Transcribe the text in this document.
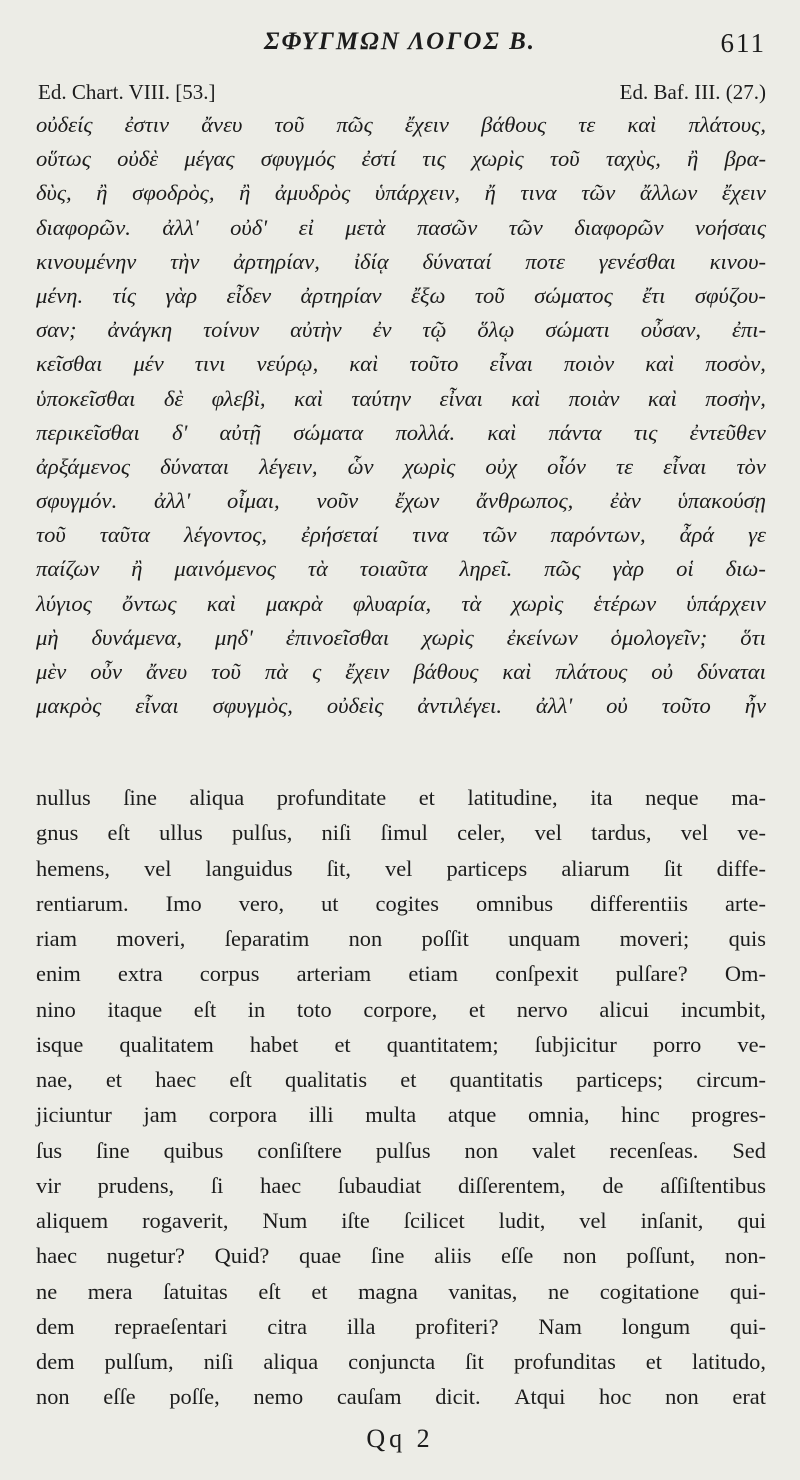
ΣΦΥΓΜΩΝ ΛΟΓΟΣ Β.	611
Ed. Chart. VIII. [53.]	Ed. Baf. III. (27.)
οὐδείς ἐστιν ἄνευ τοῦ πῶς ἔχειν βάθους τε καὶ πλάτους,
οὕτως οὐδὲ μέγας σφυγμός ἐστί τις χωρὶς τοῦ ταχὺς, ἢ βρα-
δὺς, ἢ σφοδρὸς, ἢ ἀμυδρὸς ὑπάρχειν, ἤ τινα τῶν ἄλλων ἔχειν
διαφορῶν. ἀλλ' οὐδ' εἰ μετὰ πασῶν τῶν διαφορῶν νοήσαις
κινουμένην τὴν ἀρτηρίαν, ἰδίᾳ δύναταί ποτε γενέσθαι κινου-
μένη. τίς γὰρ εἶδεν ἀρτηρίαν ἔξω τοῦ σώματος ἔτι σφύζου-
σαν; ἀνάγκη τοίνυν αὐτὴν ἐν τῷ ὅλῳ σώματι οὖσαν, ἐπι-
κεῖσθαι μέν τινι νεύρῳ, καὶ τοῦτο εἶναι ποιὸν καὶ ποσὸν,
ὑποκεῖσθαι δὲ φλεβὶ, καὶ ταύτην εἶναι καὶ ποιὰν καὶ ποσὴν,
περικεῖσθαι δ' αὐτῇ σώματα πολλά. καὶ πάντα τις ἐντεῦθεν
ἀρξάμενος δύναται λέγειν, ὧν χωρὶς οὐχ οἷόν τε εἶναι τὸν
σφυγμόν. ἀλλ' οἶμαι, νοῦν ἔχων ἄνθρωπος, ἐὰν ὑπακούσῃ
τοῦ ταῦτα λέγοντος, ἐρήσεταί τινα τῶν παρόντων, ἆρά γε
παίζων ἢ μαινόμενος τὰ τοιαῦτα ληρεῖ. πῶς γὰρ οἱ διω-
λύγιος ὄντως καὶ μακρὰ φλυαρία, τὰ χωρὶς ἑτέρων ὑπάρχειν
μὴ δυνάμενα, μηδ' ἐπινοεῖσθαι χωρὶς ἐκείνων ὁμολογεῖν; ὅτι
μὲν οὖν ἄνευ τοῦ πὰ ς ἔχειν βάθους καὶ πλάτους οὐ δύναται
μακρὸς εἶναι σφυγμὸς, οὐδεὶς ἀντιλέγει. ἀλλ' οὐ τοῦτο ἦν
nullus ſine aliqua profunditate et latitudine, ita neque ma-
gnus eſt ullus pulſus, niſi ſimul celer, vel tardus, vel ve-
hemens, vel languidus ſit, vel particeps aliarum ſit diffe-
rentiarum. Imo vero, ut cogites omnibus differentiis arte-
riam moveri, ſeparatim non poſſit unquam moveri; quis
enim extra corpus arteriam etiam conſpexit pulſare? Om-
nino itaque eſt in toto corpore, et nervo alicui incumbit,
isque qualitatem habet et quantitatem; ſubjicitur porro ve-
nae, et haec eſt qualitatis et quantitatis particeps; circum-
jiciuntur jam corpora illi multa atque omnia, hinc progres-
ſus ſine quibus conſiſtere pulſus non valet recenſeas. Sed
vir prudens, ſi haec ſubaudiat diſſerentem, de aſſiſtentibus
aliquem rogaverit, Num iſte ſcilicet ludit, vel inſanit, qui
haec nugetur? Quid? quae ſine aliis eſſe non poſſunt, non-
ne mera ſatuitas eſt et magna vanitas, ne cogitatione qui-
dem repraeſentari citra illa profiteri? Nam longum qui-
dem pulſum, niſi aliqua conjuncta ſit profunditas et latitudo,
non eſſe poſſe, nemo cauſam dicit. Atqui hoc non erat
Qq 2
